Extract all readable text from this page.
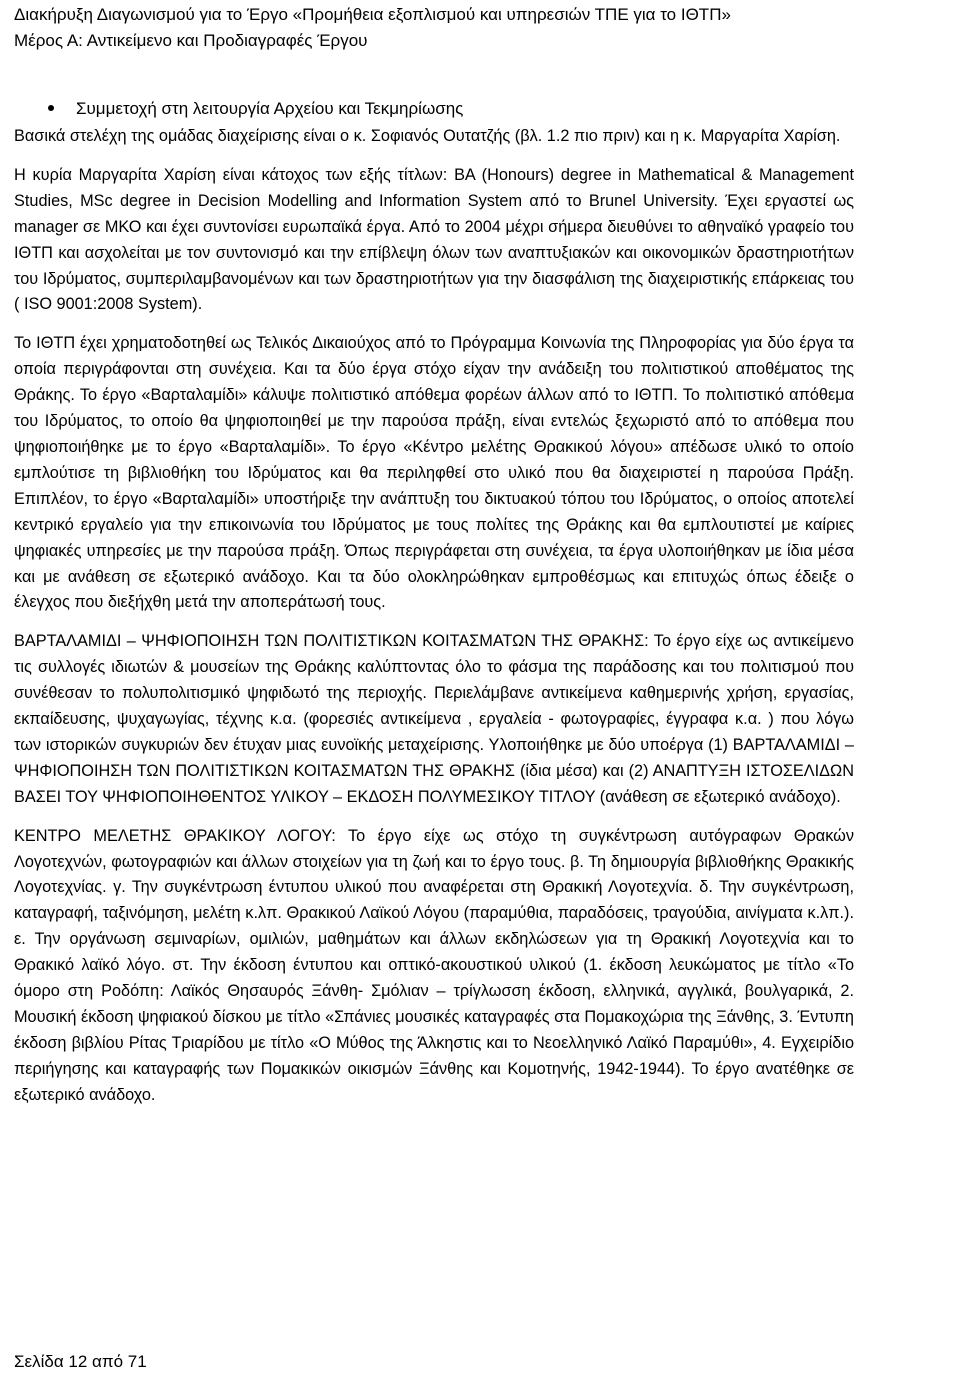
Διακήρυξη Διαγωνισμού για το Έργο «Προμήθεια εξοπλισμού και υπηρεσιών ΤΠΕ για το ΙΘΤΠ»
Μέρος Α: Αντικείμενο και Προδιαγραφές Έργου
Συμμετοχή στη λειτουργία Αρχείου και Τεκμηρίωσης

Βασικά στελέχη της ομάδας διαχείρισης είναι ο κ. Σοφιανός Ουτατζής (βλ. 1.2 πιο πριν) και η κ. Μαργαρίτα Χαρίση.

Η κυρία Μαργαρίτα Χαρίση είναι κάτοχος των εξής τίτλων: BA (Honours) degree in Mathematical & Management Studies, MSc degree in Decision Modelling and Information System από το Brunel University. Έχει εργαστεί ως manager σε ΜΚΟ και έχει συντονίσει ευρωπαϊκά έργα. Από το 2004 μέχρι σήμερα διευθύνει το αθηναϊκό γραφείο του ΙΘΤΠ και ασχολείται με τον συντονισμό και την επίβλεψη όλων των αναπτυξιακών και οικονομικών δραστηριοτήτων του Ιδρύματος, συμπεριλαμβανομένων και των δραστηριοτήτων για την διασφάλιση της διαχειριστικής επάρκειας του ( ISO 9001:2008 System).

Το ΙΘΤΠ έχει χρηματοδοτηθεί ως Τελικός Δικαιούχος από το Πρόγραμμα Κοινωνία της Πληροφορίας για δύο έργα τα οποία περιγράφονται στη συνέχεια. Και τα δύο έργα στόχο είχαν την ανάδειξη του πολιτιστικού αποθέματος της Θράκης. Το έργο «Βαρταλαμίδι» κάλυψε πολιτιστικό απόθεμα φορέων άλλων από το ΙΘΤΠ. Το πολιτιστικό απόθεμα του Ιδρύματος, το οποίο θα ψηφιοποιηθεί με την παρούσα πράξη, είναι εντελώς ξεχωριστό από το απόθεμα που ψηφιοποιήθηκε με το έργο «Βαρταλαμίδι». Το έργο «Κέντρο μελέτης Θρακικού λόγου» απέδωσε υλικό το οποίο εμπλούτισε τη βιβλιοθήκη του Ιδρύματος και θα περιληφθεί στο υλικό που θα διαχειριστεί η παρούσα Πράξη. Επιπλέον, το έργο «Βαρταλαμίδι» υποστήριξε την ανάπτυξη του δικτυακού τόπου του Ιδρύματος, ο οποίος αποτελεί κεντρικό εργαλείο για την επικοινωνία του Ιδρύματος με τους πολίτες της Θράκης και θα εμπλουτιστεί με καίριες ψηφιακές υπηρεσίες με την παρούσα πράξη. Όπως περιγράφεται στη συνέχεια, τα έργα υλοποιήθηκαν με ίδια μέσα και με ανάθεση σε εξωτερικό ανάδοχο. Και τα δύο ολοκληρώθηκαν εμπροθέσμως και επιτυχώς όπως έδειξε ο έλεγχος που διεξήχθη μετά την αποπεράτωσή τους.

ΒΑΡΤΑΛΑΜΙΔΙ – ΨΗΦΙΟΠΟΙΗΣΗ ΤΩΝ ΠΟΛΙΤΙΣΤΙΚΩΝ ΚΟΙΤΑΣΜΑΤΩΝ ΤΗΣ ΘΡΑΚΗΣ: Το έργο είχε ως αντικείμενο τις συλλογές ιδιωτών & μουσείων της Θράκης καλύπτοντας όλο το φάσμα της παράδοσης και του πολιτισμού που συνέθεσαν το πολυπολιτισμικό ψηφιδωτό της περιοχής. Περιελάμβανε αντικείμενα καθημερινής χρήση, εργασίας, εκπαίδευσης, ψυχαγωγίας, τέχνης κ.α. (φορεσιές αντικείμενα , εργαλεία - φωτογραφίες, έγγραφα κ.α. ) που λόγω των ιστορικών συγκυριών δεν έτυχαν μιας ευνοϊκής μεταχείρισης. Υλοποιήθηκε με δύο υποέργα (1) ΒΑΡΤΑΛΑΜΙΔΙ – ΨΗΦΙΟΠΟΙΗΣΗ ΤΩΝ ΠΟΛΙΤΙΣΤΙΚΩΝ ΚΟΙΤΑΣΜΑΤΩΝ ΤΗΣ ΘΡΑΚΗΣ (ίδια μέσα) και (2) ΑΝΑΠΤΥΞΗ ΙΣΤΟΣΕΛΙΔΩΝ ΒΑΣΕΙ ΤΟΥ ΨΗΦΙΟΠΟΙΗΘΕΝΤΟΣ ΥΛΙΚΟΥ – ΕΚΔΟΣΗ ΠΟΛΥΜΕΣΙΚΟΥ ΤΙΤΛΟΥ (ανάθεση σε εξωτερικό ανάδοχο).

ΚΕΝΤΡΟ ΜΕΛΕΤΗΣ ΘΡΑΚΙΚΟΥ ΛΟΓΟΥ: Το έργο είχε ως στόχο τη συγκέντρωση αυτόγραφων Θρακών Λογοτεχνών, φωτογραφιών και άλλων στοιχείων για τη ζωή και το έργο τους. β. Τη δημιουργία βιβλιοθήκης Θρακικής Λογοτεχνίας. γ. Την συγκέντρωση έντυπου υλικού που αναφέρεται στη Θρακική Λογοτεχνία. δ. Την συγκέντρωση, καταγραφή, ταξινόμηση, μελέτη κ.λπ. Θρακικού Λαϊκού Λόγου (παραμύθια, παραδόσεις, τραγούδια, αινίγματα κ.λπ.). ε. Την οργάνωση σεμιναρίων, ομιλιών, μαθημάτων και άλλων εκδηλώσεων για τη Θρακική Λογοτεχνία και το Θρακικό λαϊκό λόγο. στ. Την έκδοση έντυπου και οπτικό-ακουστικού υλικού (1. έκδοση λευκώματος με τίτλο «Το όμορο στη Ροδόπη: Λαϊκός Θησαυρός Ξάνθη- Σμόλιαν – τρίγλωσση έκδοση, ελληνικά, αγγλικά, βουλγαρικά, 2. Μουσική έκδοση ψηφιακού δίσκου με τίτλο «Σπάνιες μουσικές καταγραφές στα Πομακοχώρια της Ξάνθης, 3. Έντυπη έκδοση βιβλίου Ρίτας Τριαρίδου με τίτλο «Ο Μύθος της Άλκηστις και το Νεοελληνικό Λαϊκό Παραμύθι», 4. Εγχειρίδιο περιήγησης και καταγραφής των Πομακικών οικισμών Ξάνθης και Κομοτηνής, 1942-1944). Το έργο ανατέθηκε σε εξωτερικό ανάδοχο.

Σελίδα 12 από 71
